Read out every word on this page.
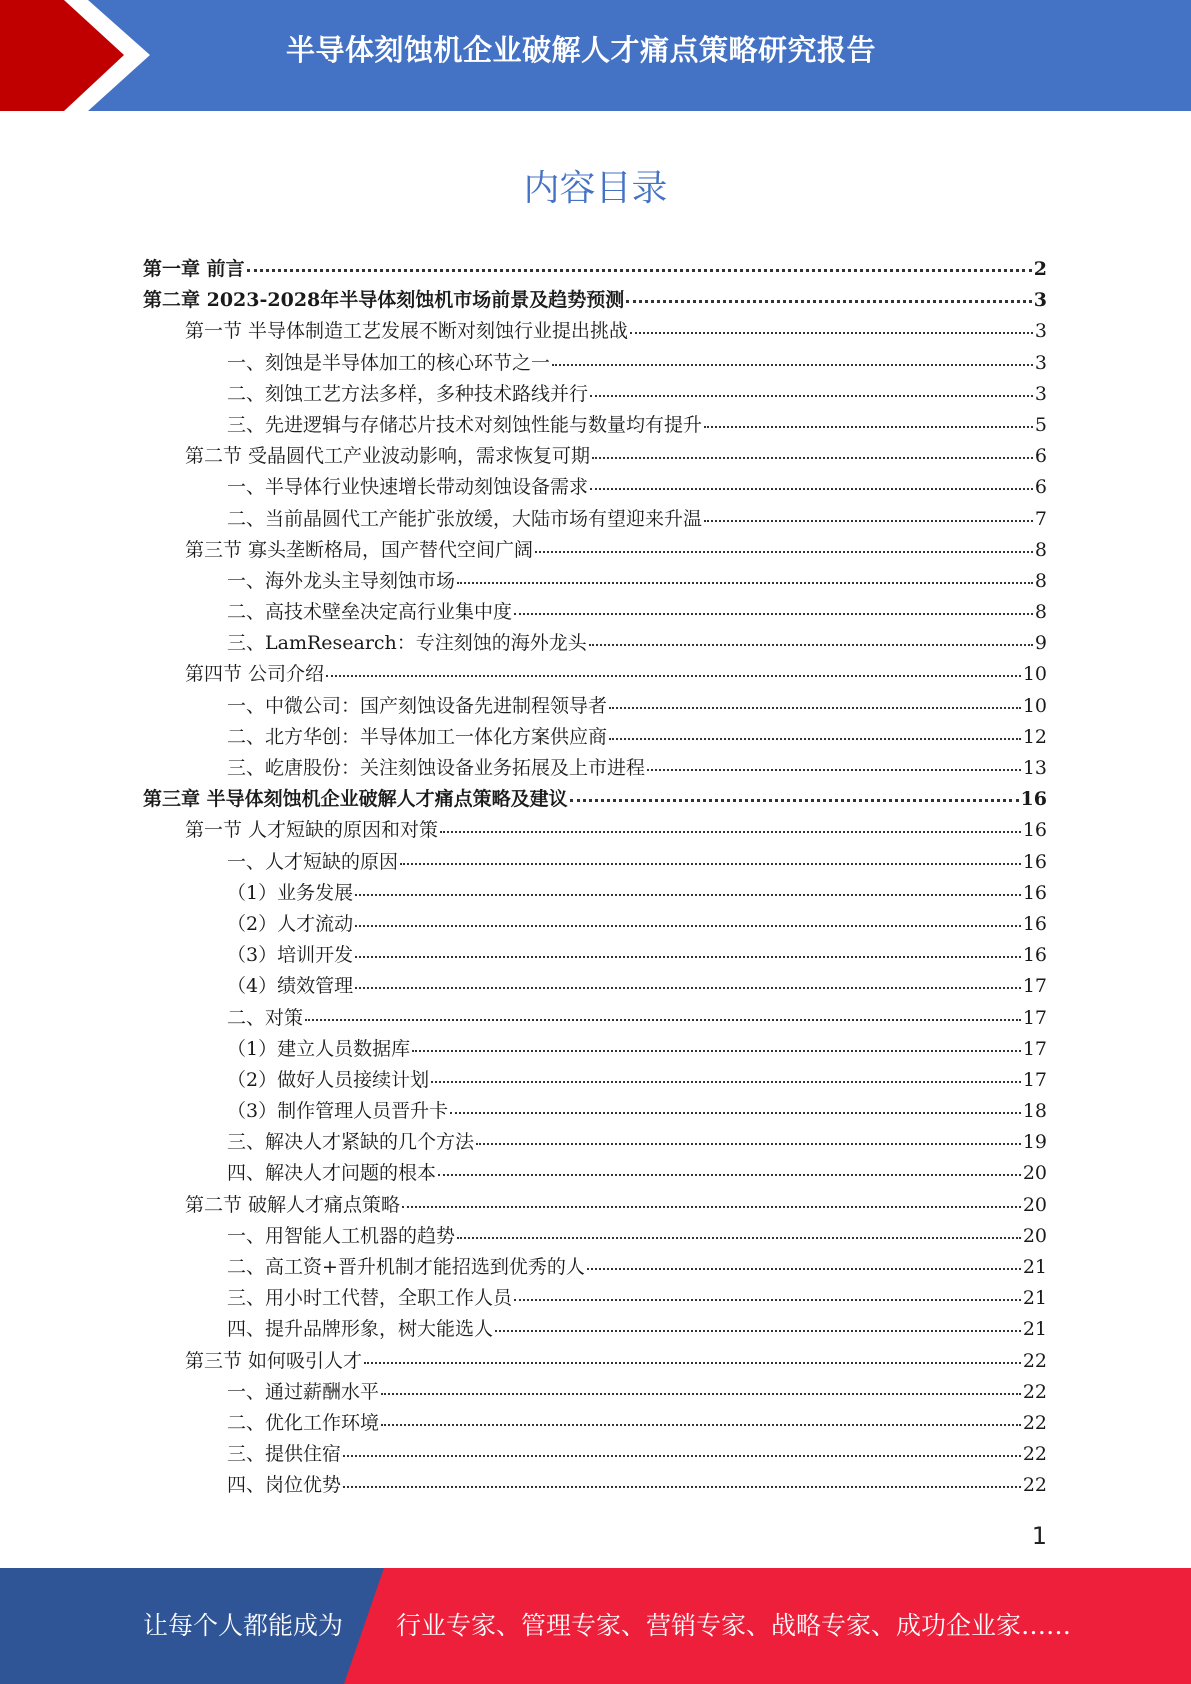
半导体刻蚀机企业破解人才痛点策略研究报告
内容目录
第一章 前言	2
第二章 2023-2028年半导体刻蚀机市场前景及趋势预测	3
第一节 半导体制造工艺发展不断对刻蚀行业提出挑战	3
一、刻蚀是半导体加工的核心环节之一	3
二、刻蚀工艺方法多样，多种技术路线并行	3
三、先进逻辑与存储芯片技术对刻蚀性能与数量均有提升	5
第二节 受晶圆代工产业波动影响，需求恢复可期	6
一、半导体行业快速增长带动刻蚀设备需求	6
二、当前晶圆代工产能扩张放缓，大陆市场有望迎来升温	7
第三节 寡头垄断格局，国产替代空间广阔	8
一、海外龙头主导刻蚀市场	8
二、高技术壁垒决定高行业集中度	8
三、LamResearch：专注刻蚀的海外龙头	9
第四节 公司介绍	10
一、中微公司：国产刻蚀设备先进制程领导者	10
二、北方华创：半导体加工一体化方案供应商	12
三、屹唐股份：关注刻蚀设备业务拓展及上市进程	13
第三章 半导体刻蚀机企业破解人才痛点策略及建议	16
第一节 人才短缺的原因和对策	16
一、人才短缺的原因	16
（1）业务发展	16
（2）人才流动	16
（3）培训开发	16
（4）绩效管理	17
二、对策	17
（1）建立人员数据库	17
（2）做好人员接续计划	17
（3）制作管理人员晋升卡	18
三、解决人才紧缺的几个方法	19
四、解决人才问题的根本	20
第二节 破解人才痛点策略	20
一、用智能人工机器的趋势	20
二、高工资+晋升机制才能招选到优秀的人	21
三、用小时工代替，全职工作人员	21
四、提升品牌形象，树大能选人	21
第三节 如何吸引人才	22
一、通过薪酬水平	22
二、优化工作环境	22
三、提供住宿	22
四、岗位优势	22
1
让每个人都能成为 行业专家、管理专家、营销专家、战略专家、成功企业家……
